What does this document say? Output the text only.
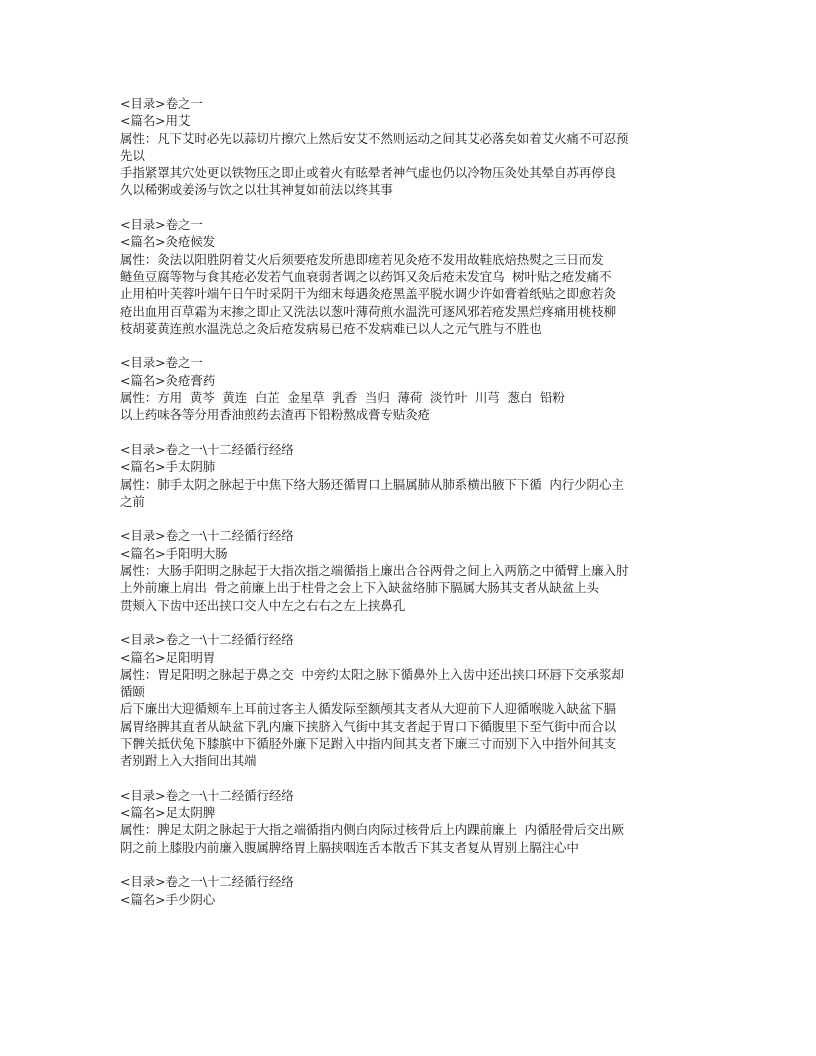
<目录>卷之一
<篇名>用艾
属性：凡下艾时必先以蒜切片擦穴上然后安艾不然则运动之间其艾必落矣如着艾火痛不可忍预
先以
手指紧罩其穴处更以铁物压之即止或着火有眩晕者神气虚也仍以冷物压灸处其晕自苏再停良
久以稀粥或姜汤与饮之以壮其神复如前法以终其事
<目录>卷之一
<篇名>灸疮候发
属性：灸法以阳胜阴着艾火后须要疮发所患即瘥若见灸疮不发用故鞋底焙热熨之三日而发
鲢鱼豆腐等物与食其疮必发若气血衰弱者调之以药饵又灸后疮未发宜乌  树叶贴之疮发痛不
止用柏叶芙蓉叶端午日午时采阴干为细末每遇灸疮黑盖平脱水调少许如膏着纸贴之即愈若灸
疮出血用百草霜为末掺之即止又洗法以葱叶薄荷煎水温洗可逐风邪若疮发黑烂疼痛用桃枝柳
枝胡荽黄连煎水温洗总之灸后疮发病易已疮不发病难已以人之元气胜与不胜也
<目录>卷之一
<篇名>灸疮膏药
属性：方用  黄芩  黄连  白芷  金星草  乳香  当归  薄荷  淡竹叶  川芎  葱白  铅粉
以上药味各等分用香油煎药去渣再下铅粉熬成膏专贴灸疮
<目录>卷之一\十二经循行经络
<篇名>手太阴肺
属性：肺手太阴之脉起于中焦下络大肠还循胃口上膈属肺从肺系横出腋下下循  内行少阴心主
之前
<目录>卷之一\十二经循行经络
<篇名>手阳明大肠
属性：大肠手阳明之脉起于大指次指之端循指上廉出合谷两骨之间上入两筋之中循臂上廉入肘
上外前廉上肩出  骨之前廉上出于柱骨之会上下入缺盆络肺下膈属大肠其支者从缺盆上头
贯颊入下齿中还出挟口交人中左之右右之左上挟鼻孔
<目录>卷之一\十二经循行经络
<篇名>足阳明胃
属性：胃足阳明之脉起于鼻之交  中旁约太阳之脉下循鼻外上入齿中还出挟口环唇下交承浆却
循颐
后下廉出大迎循颊车上耳前过客主人循发际至额颅其支者从大迎前下人迎循喉咙入缺盆下膈
属胃络脾其直者从缺盆下乳内廉下挟脐入气街中其支者起于胃口下循腹里下至气街中而合以
下髀关抵伏兔下膝膑中下循胫外廉下足跗入中指内间其支者下廉三寸而别下入中指外间其支
者别跗上入大指间出其端
<目录>卷之一\十二经循行经络
<篇名>足太阴脾
属性：脾足太阴之脉起于大指之端循指内侧白肉际过核骨后上内踝前廉上  内循胫骨后交出厥
阴之前上膝股内前廉入腹属脾络胃上膈挟咽连舌本散舌下其支者复从胃别上膈注心中
<目录>卷之一\十二经循行经络
<篇名>手少阴心
